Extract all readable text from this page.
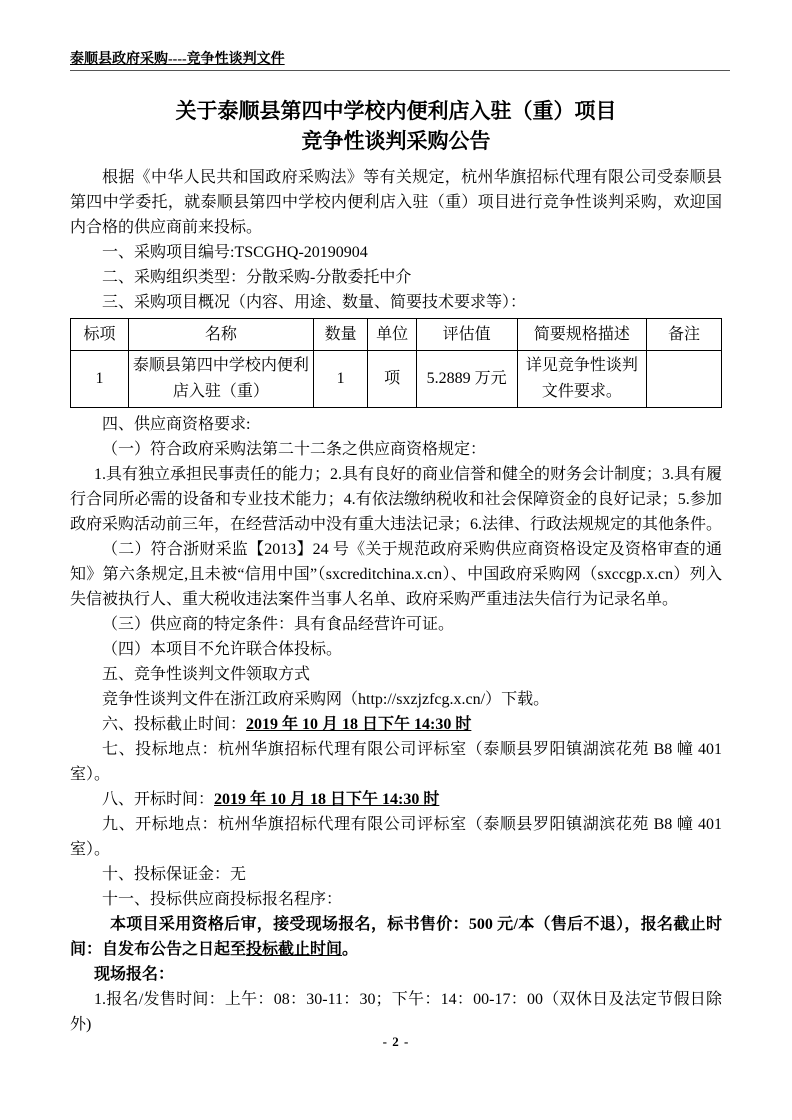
泰顺县政府采购----竞争性谈判文件
关于泰顺县第四中学校内便利店入驻（重）项目
竞争性谈判采购公告

根据《中华人民共和国政府采购法》等有关规定，杭州华旗招标代理有限公司受泰顺县第四中学委托，就泰顺县第四中学校内便利店入驻（重）项目进行竞争性谈判采购，欢迎国内合格的供应商前来投标。

一、采购项目编号:TSCGHQ-20190904

二、采购组织类型：分散采购-分散委托中介

三、采购项目概况（内容、用途、数量、简要技术要求等）：

标项	名称	数量	单位	评估值	简要规格描述	备注
1	泰顺县第四中学校内便利店入驻（重）	1	项	5.2889 万元	详见竞争性谈判文件要求。	

四、供应商资格要求:

（一）符合政府采购法第二十二条之供应商资格规定：

1.具有独立承担民事责任的能力；2.具有良好的商业信誉和健全的财务会计制度；3.具有履行合同所必需的设备和专业技术能力；4.有依法缴纳税收和社会保障资金的良好记录；5.参加政府采购活动前三年，在经营活动中没有重大违法记录；6.法律、行政法规规定的其他条件。

（二）符合浙财采监【2013】24 号《关于规范政府采购供应商资格设定及资格审查的通知》第六条规定,且未被“信用中国”（sxcreditchina.x.cn）、中国政府采购网（sxccgp.x.cn）列入失信被执行人、重大税收违法案件当事人名单、政府采购严重违法失信行为记录名单。

（三）供应商的特定条件：具有食品经营许可证。

（四）本项目不允许联合体投标。

五、竞争性谈判文件领取方式

竞争性谈判文件在浙江政府采购网（http://sxzjzfcg.x.cn/）下载。

六、投标截止时间：2019 年 10 月 18 日下午 14:30 时

七、投标地点：杭州华旗招标代理有限公司评标室（泰顺县罗阳镇湖滨花苑 B8 幢 401 室）。

八、开标时间：2019 年 10 月 18 日下午 14:30 时

九、开标地点：杭州华旗招标代理有限公司评标室（泰顺县罗阳镇湖滨花苑 B8 幢 401 室）。

十、投标保证金：无

十一、投标供应商投标报名程序：

本项目采用资格后审，接受现场报名，标书售价：500 元/本（售后不退），报名截止时间：自发布公告之日起至投标截止时间。

现场报名：

1.报名/发售时间：上午：08：30-11：30；下午：14：00-17：00（双休日及法定节假日除外)

- 2 -
